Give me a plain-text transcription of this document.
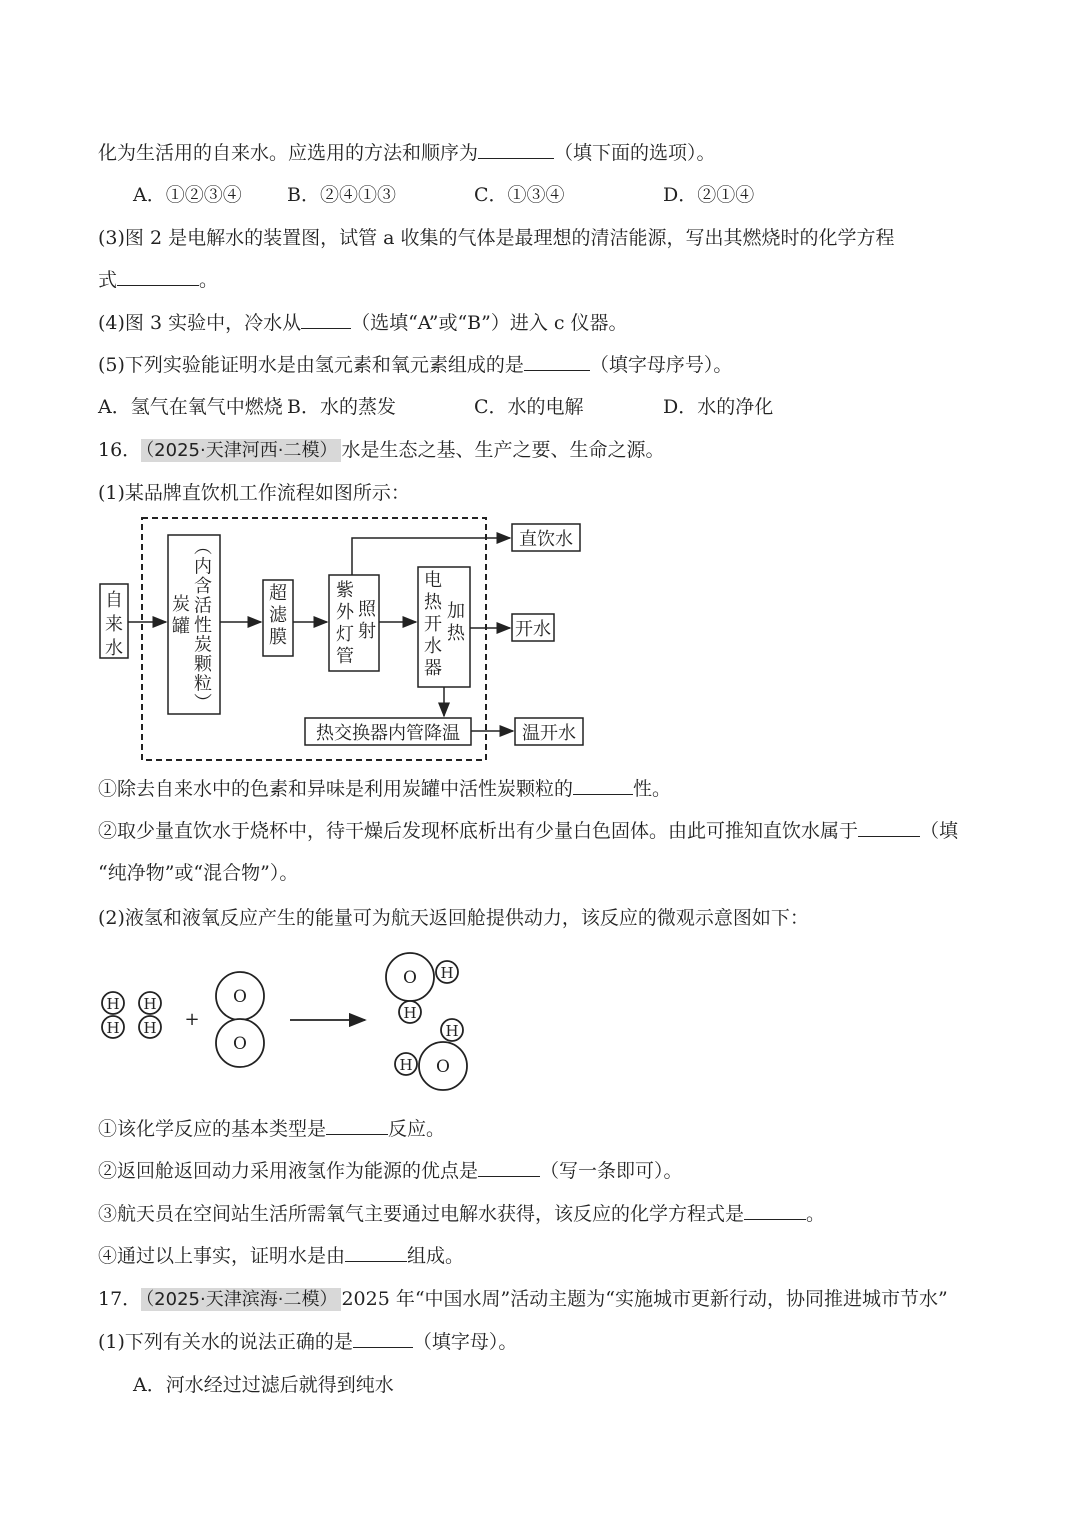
化为生活用的自来水。应选用的方法和顺序为	（填下面的选项）。
A．①②③④ B．②④①③	C．①③④	D．②①④
(3)图 2 是电解水的装置图，试管 a 收集的气体是最理想的清洁能源，写出其燃烧时的化学方程
式	。
(4)图 3 实验中，冷水从	（选填“A”或“B”）进入 c 仪器。
(5)下列实验能证明水是由氢元素和氧元素组成的是	（填字母序号）。
A．氢气在氧气中燃烧 B．水的蒸发	C．水的电解	D．水的净化
16． （2025·天津河西·二模） 水是生态之基、生产之要、生命之源。
(1)某品牌直饮机工作流程如图所示：
自
来
水
炭罐
︵内含活性炭颗粒︶
超滤膜
紫外灯管
照射
电热开水器
加热
直饮水
开水
热交换器内管降温	温开水
①除去自来水中的色素和异味是利用炭罐中活性炭颗粒的	性。
②取少量直饮水于烧杯中，待干燥后发现杯底析出有少量白色固体。由此可推知直饮水属于	（填
“纯净物”或“混合物”）。
(2)液氢和液氧反应产生的能量可为航天返回舱提供动力，该反应的微观示意图如下：
H
H
H
H +
O
O
O H
H
O
H
H
①该化学反应的基本类型是	反应。
②返回舱返回动力采用液氢作为能源的优点是	（写一条即可）。
③航天员在空间站生活所需氧气主要通过电解水获得，该反应的化学方程式是	。
④通过以上事实，证明水是由	组成。
17． （2025·天津滨海·二模） 2025 年“中国水周”活动主题为“实施城市更新行动，协同推进城市节水”
(1)下列有关水的说法正确的是	（填字母）。
A．河水经过过滤后就得到纯水
